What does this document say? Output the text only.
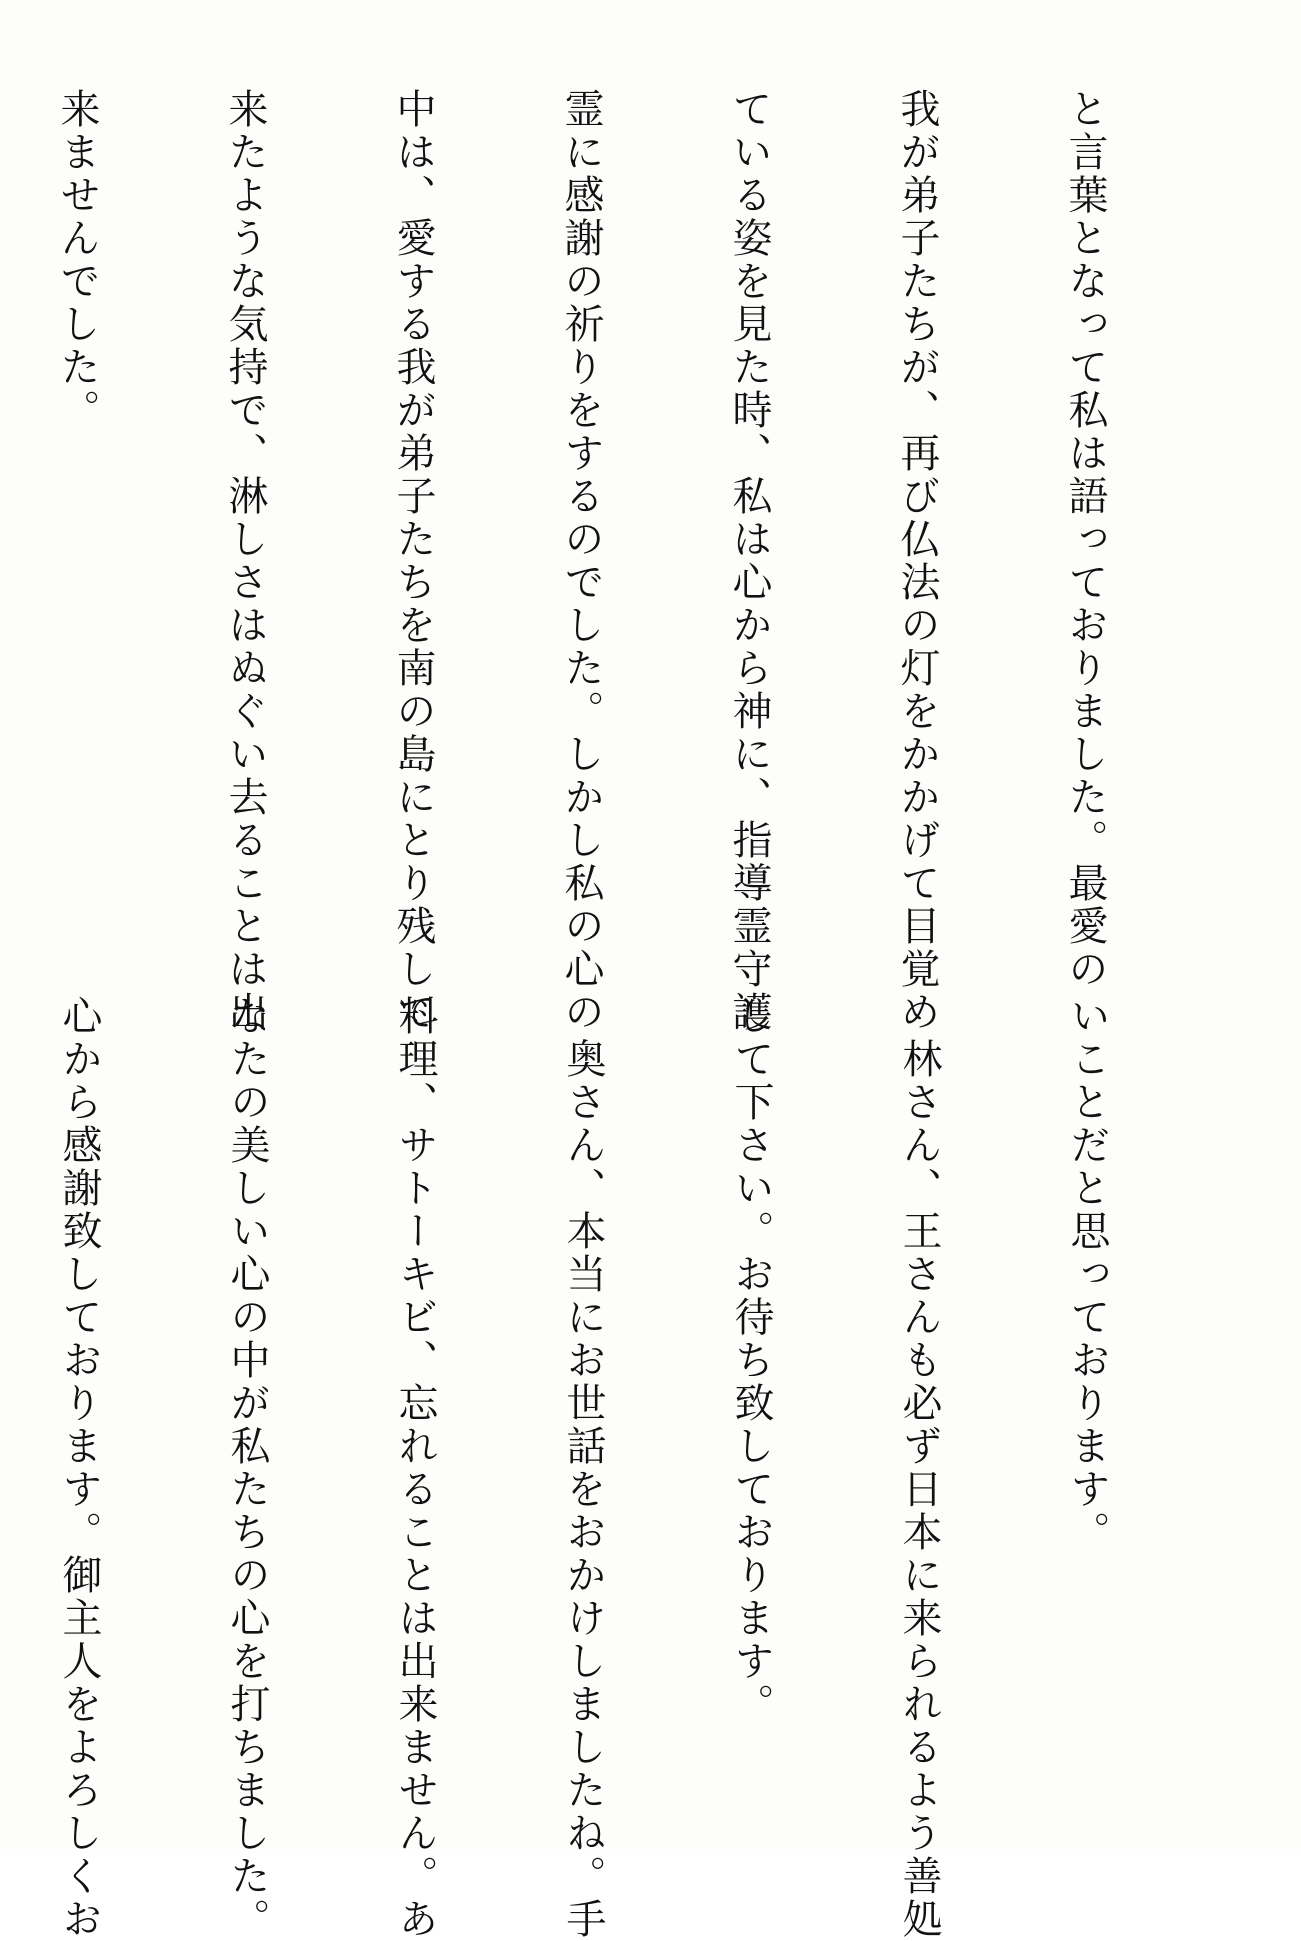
と言葉となって私は語っておりました。最愛の

我が弟子たちが、再び仏法の灯をかかげて目覚め

ている姿を見た時、私は心から神に、指導霊守護

霊に感謝の祈りをするのでした。しかし私の心の

中は、愛する我が弟子たちを南の島にとり残して

来たような気持で、淋しさはぬぐい去ることは出

来ませんでした。

いことだと思っております。

　林さん、王さんも必ず日本に来られるよう善処

して下さい。お待ち致しております。

　奥さん、本当にお世話をおかけしましたね。手

料理、サトーキビ、忘れることは出来ません。あ

なたの美しい心の中が私たちの心を打ちました。

心から感謝致しております。御主人をよろしくお
